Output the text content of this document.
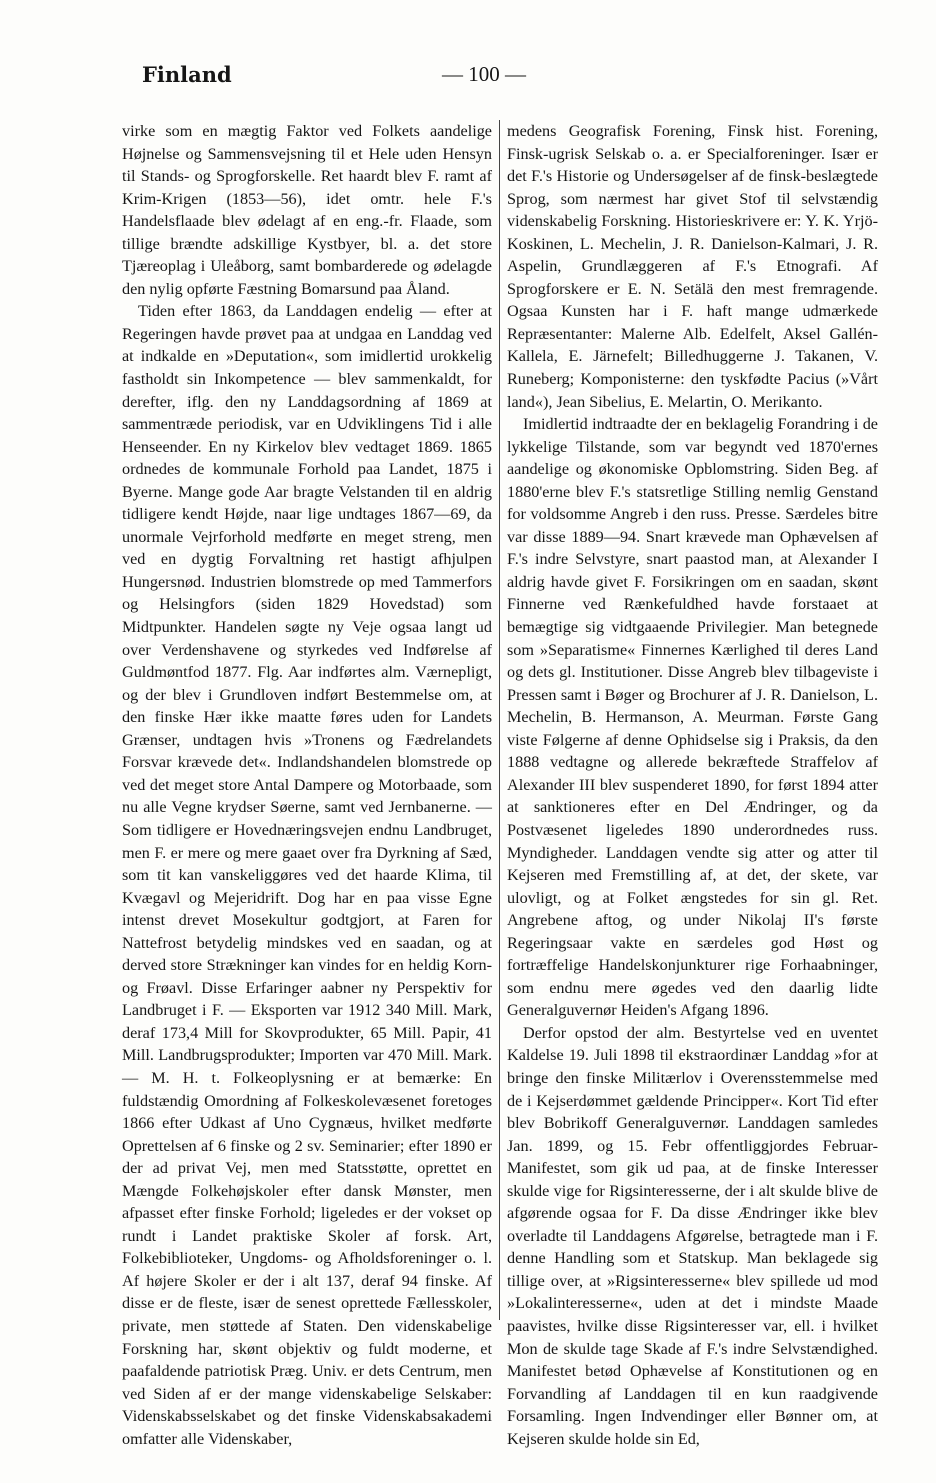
Finland	— 100 —

virke som en mægtig Faktor ved Folkets aandelige Højnelse og Sammensvejsning til et Hele uden Hensyn til Stands- og Sprogforskelle. Ret haardt blev F. ramt af Krim-Krigen (1853—56), idet omtr. hele F.'s Handelsflaade blev ødelagt af en eng.-fr. Flaade, som tillige brændte adskillige Kystbyer, bl. a. det store Tjæreoplag i Uleåborg, samt bombarderede og ødelagde den nylig opførte Fæstning Bomarsund paa Åland.

Tiden efter 1863, da Landdagen endelig — efter at Regeringen havde prøvet paa at undgaa en Landdag ved at indkalde en »Deputation«, som imidlertid urokkelig fastholdt sin Inkompetence — blev sammenkaldt, for derefter, iflg. den ny Landdagsordning af 1869 at sammentræde periodisk, var en Udviklingens Tid i alle Henseender. En ny Kirkelov blev vedtaget 1869. 1865 ordnedes de kommunale Forhold paa Landet, 1875 i Byerne. Mange gode Aar bragte Velstanden til en aldrig tidligere kendt Højde, naar lige undtages 1867—69, da unormale Vejrforhold medførte en meget streng, men ved en dygtig Forvaltning ret hastigt afhjulpen Hungersnød. Industrien blomstrede op med Tammerfors og Helsingfors (siden 1829 Hovedstad) som Midtpunkter. Handelen søgte ny Veje ogsaa langt ud over Verdenshavene og styrkedes ved Indførelse af Guldmøntfod 1877. Flg. Aar indførtes alm. Værnepligt, og der blev i Grundloven indført Bestemmelse om, at den finske Hær ikke maatte føres uden for Landets Grænser, undtagen hvis »Tronens og Fædrelandets Forsvar krævede det«. Indlandshandelen blomstrede op ved det meget store Antal Dampere og Motorbaade, som nu alle Vegne krydser Søerne, samt ved Jernbanerne. — Som tidligere er Hovednæringsvejen endnu Landbruget, men F. er mere og mere gaaet over fra Dyrkning af Sæd, som tit kan vanskeliggøres ved det haarde Klima, til Kvægavl og Mejeridrift. Dog har en paa visse Egne intenst drevet Mosekultur godtgjort, at Faren for Nattefrost betydelig mindskes ved en saadan, og at derved store Strækninger kan vindes for en heldig Korn- og Frøavl. Disse Erfaringer aabner ny Perspektiv for Landbruget i F. — Eksporten var 1912 340 Mill. Mark, deraf 173,4 Mill for Skovprodukter, 65 Mill. Papir, 41 Mill. Landbrugsprodukter; Importen var 470 Mill. Mark. — M. H. t. Folkeoplysning er at bemærke: En fuldstændig Omordning af Folkeskolevæsenet foretoges 1866 efter Udkast af Uno Cygnæus, hvilket medførte Oprettelsen af 6 finske og 2 sv. Seminarier; efter 1890 er der ad privat Vej, men med Statsstøtte, oprettet en Mængde Folkehøjskoler efter dansk Mønster, men afpasset efter finske Forhold; ligeledes er der vokset op rundt i Landet praktiske Skoler af forsk. Art, Folkebiblioteker, Ungdoms- og Afholdsforeninger o. l. Af højere Skoler er der i alt 137, deraf 94 finske. Af disse er de fleste, især de senest oprettede Fællesskoler, private, men støttede af Staten. Den videnskabelige Forskning har, skønt objektiv og fuldt moderne, et paafaldende patriotisk Præg. Univ. er dets Centrum, men ved Siden af er der mange videnskabelige Selskaber: Videnskabsselskabet og det finske Videnskabsakademi omfatter alle Videnskaber,

medens Geografisk Forening, Finsk hist. Forening, Finsk-ugrisk Selskab o. a. er Specialforeninger. Især er det F.'s Historie og Undersøgelser af de finsk-beslægtede Sprog, som nærmest har givet Stof til selvstændig videnskabelig Forskning. Historieskrivere er: Y. K. Yrjö-Koskinen, L. Mechelin, J. R. Danielson-Kalmari, J. R. Aspelin, Grundlæggeren af F.'s Etnografi. Af Sprogforskere er E. N. Setälä den mest fremragende. Ogsaa Kunsten har i F. haft mange udmærkede Repræsentanter: Malerne Alb. Edelfelt, Aksel Gallén-Kallela, E. Järnefelt; Billedhuggerne J. Takanen, V. Runeberg; Komponisterne: den tyskfødte Pacius (»Vårt land«), Jean Sibelius, E. Melartin, O. Merikanto.

Imidlertid indtraadte der en beklagelig Forandring i de lykkelige Tilstande, som var begyndt ved 1870'ernes aandelige og økonomiske Opblomstring. Siden Beg. af 1880'erne blev F.'s statsretlige Stilling nemlig Genstand for voldsomme Angreb i den russ. Presse. Særdeles bitre var disse 1889—94. Snart krævede man Ophævelsen af F.'s indre Selvstyre, snart paastod man, at Alexander I aldrig havde givet F. Forsikringen om en saadan, skønt Finnerne ved Rænkefuldhed havde forstaaet at bemægtige sig vidtgaaende Privilegier. Man betegnede som »Separatisme« Finnernes Kærlighed til deres Land og dets gl. Institutioner. Disse Angreb blev tilbageviste i Pressen samt i Bøger og Brochurer af J. R. Danielson, L. Mechelin, B. Hermanson, A. Meurman. Første Gang viste Følgerne af denne Ophidselse sig i Praksis, da den 1888 vedtagne og allerede bekræftede Straffelov af Alexander III blev suspenderet 1890, for først 1894 atter at sanktioneres efter en Del Ændringer, og da Postvæsenet ligeledes 1890 underordnedes russ. Myndigheder. Landdagen vendte sig atter og atter til Kejseren med Fremstilling af, at det, der skete, var ulovligt, og at Folket ængstedes for sin gl. Ret. Angrebene aftog, og under Nikolaj II's første Regeringsaar vakte en særdeles god Høst og fortræffelige Handelskonjunkturer rige Forhaabninger, som endnu mere øgedes ved den daarlig lidte Generalguvernør Heiden's Afgang 1896.

Derfor opstod der alm. Bestyrtelse ved en uventet Kaldelse 19. Juli 1898 til ekstraordinær Landdag »for at bringe den finske Militærlov i Overensstemmelse med de i Kejserdømmet gældende Principper«. Kort Tid efter blev Bobrikoff Generalguvernør. Landdagen samledes Jan. 1899, og 15. Febr offentliggjordes Februar-Manifestet, som gik ud paa, at de finske Interesser skulde vige for Rigsinteresserne, der i alt skulde blive de afgørende ogsaa for F. Da disse Ændringer ikke blev overladte til Landdagens Afgørelse, betragtede man i F. denne Handling som et Statskup. Man beklagede sig tillige over, at »Rigsinteresserne« blev spillede ud mod »Lokalinteresserne«, uden at det i mindste Maade paavistes, hvilke disse Rigsinteresser var, ell. i hvilket Mon de skulde tage Skade af F.'s indre Selvstændighed. Manifestet betød Ophævelse af Konstitutionen og en Forvandling af Landdagen til en kun raadgivende Forsamling. Ingen Indvendinger eller Bønner om, at Kejseren skulde holde sin Ed,
